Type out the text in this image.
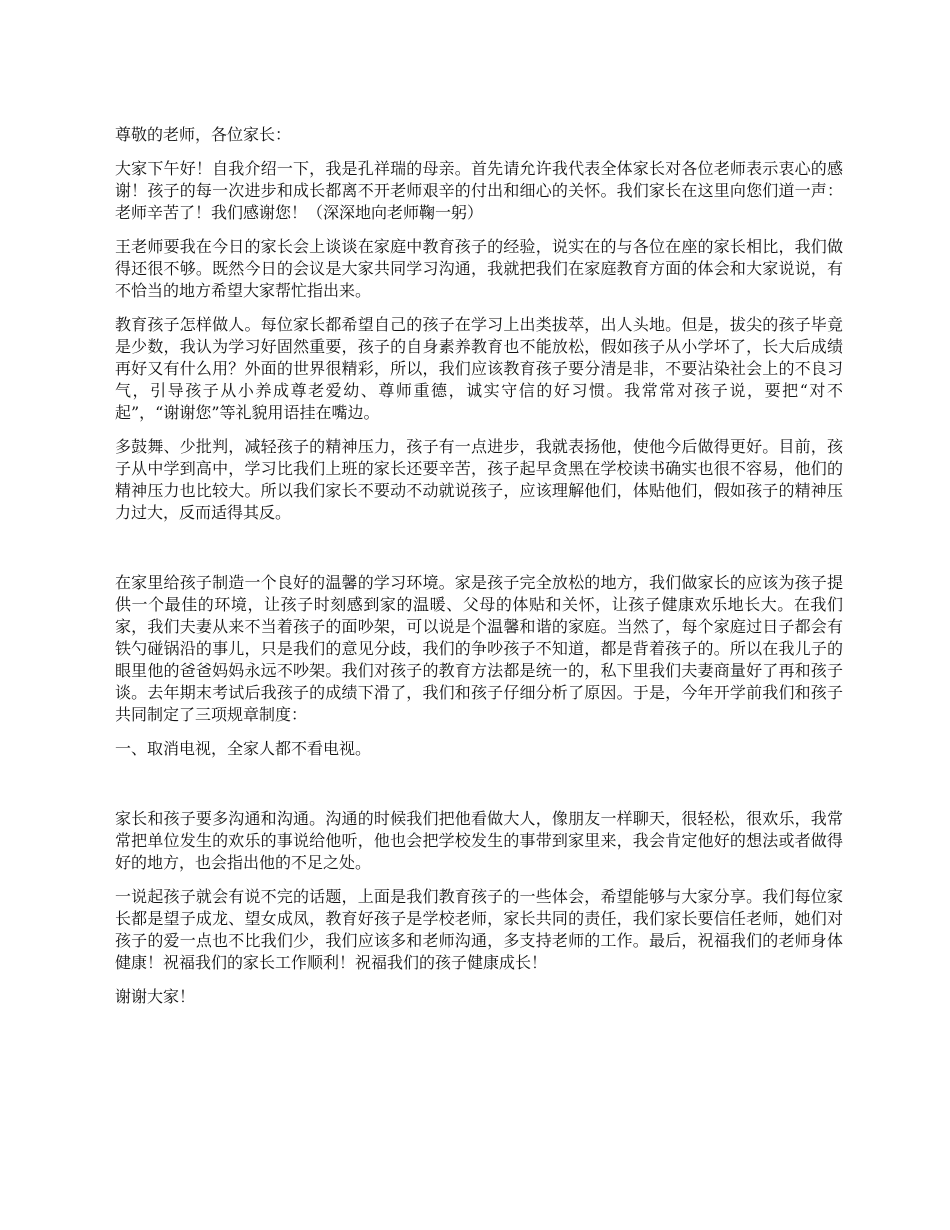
尊敬的老师，各位家长：

大家下午好！自我介绍一下，我是孔祥瑞的母亲。首先请允许我代表全体家长对各位老师表示衷心的感谢！孩子的每一次进步和成长都离不开老师艰辛的付出和细心的关怀。我们家长在这里向您们道一声：老师辛苦了！我们感谢您！（深深地向老师鞠一躬）

王老师要我在今日的家长会上谈谈在家庭中教育孩子的经验，说实在的与各位在座的家长相比，我们做得还很不够。既然今日的会议是大家共同学习沟通，我就把我们在家庭教育方面的体会和大家说说，有不恰当的地方希望大家帮忙指出来。

教育孩子怎样做人。每位家长都希望自己的孩子在学习上出类拔萃，出人头地。但是，拔尖的孩子毕竟是少数，我认为学习好固然重要，孩子的自身素养教育也不能放松，假如孩子从小学坏了，长大后成绩再好又有什么用？外面的世界很精彩，所以，我们应该教育孩子要分清是非，不要沾染社会上的不良习气，引导孩子从小养成尊老爱幼、尊师重德，诚实守信的好习惯。我常常对孩子说，要把“对不起”，“谢谢您”等礼貌用语挂在嘴边。

多鼓舞、少批判，减轻孩子的精神压力，孩子有一点进步，我就表扬他，使他今后做得更好。目前，孩子从中学到高中，学习比我们上班的家长还要辛苦，孩子起早贪黑在学校读书确实也很不容易，他们的精神压力也比较大。所以我们家长不要动不动就说孩子，应该理解他们，体贴他们，假如孩子的精神压力过大，反而适得其反。

在家里给孩子制造一个良好的温馨的学习环境。家是孩子完全放松的地方，我们做家长的应该为孩子提供一个最佳的环境，让孩子时刻感到家的温暖、父母的体贴和关怀，让孩子健康欢乐地长大。在我们家，我们夫妻从来不当着孩子的面吵架，可以说是个温馨和谐的家庭。当然了，每个家庭过日子都会有铁勺碰锅沿的事儿，只是我们的意见分歧，我们的争吵孩子不知道，都是背着孩子的。所以在我儿子的眼里他的爸爸妈妈永远不吵架。我们对孩子的教育方法都是统一的，私下里我们夫妻商量好了再和孩子谈。去年期末考试后我孩子的成绩下滑了，我们和孩子仔细分析了原因。于是，今年开学前我们和孩子共同制定了三项规章制度：

一、取消电视，全家人都不看电视。

家长和孩子要多沟通和沟通。沟通的时候我们把他看做大人，像朋友一样聊天，很轻松，很欢乐，我常常把单位发生的欢乐的事说给他听，他也会把学校发生的事带到家里来，我会肯定他好的想法或者做得好的地方，也会指出他的不足之处。

一说起孩子就会有说不完的话题，上面是我们教育孩子的一些体会，希望能够与大家分享。我们每位家长都是望子成龙、望女成凤，教育好孩子是学校老师，家长共同的责任，我们家长要信任老师，她们对孩子的爱一点也不比我们少，我们应该多和老师沟通，多支持老师的工作。最后，祝福我们的老师身体健康！祝福我们的家长工作顺利！祝福我们的孩子健康成长！

谢谢大家！
